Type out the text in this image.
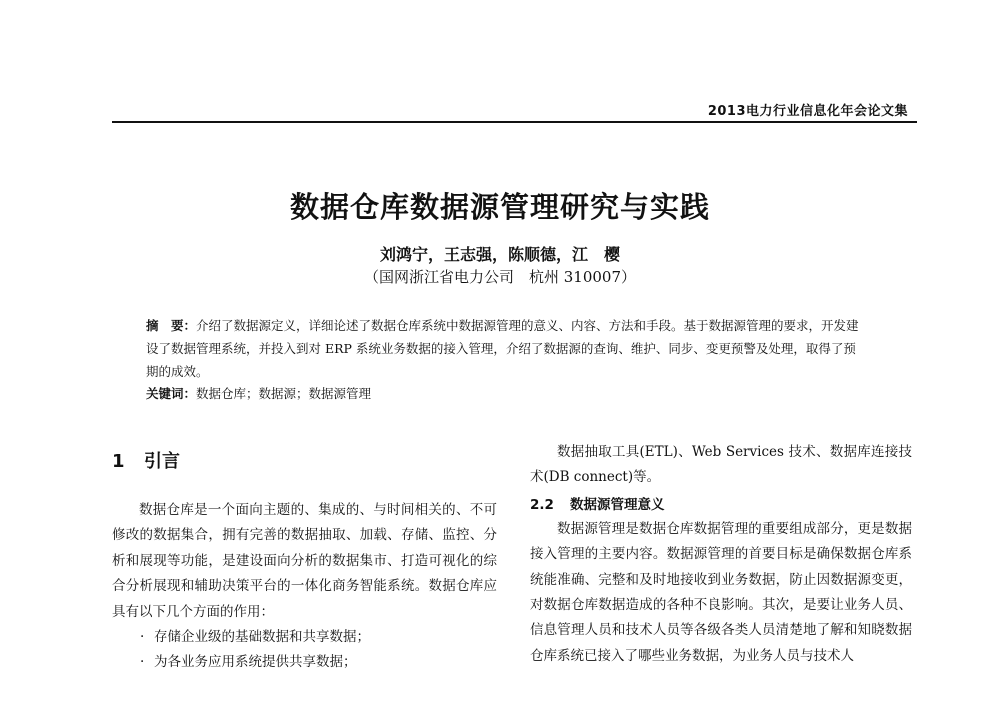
2013电力行业信息化年会论文集
数据仓库数据源管理研究与实践
刘鸿宁，王志强，陈顺德，江　樱
（国网浙江省电力公司　杭州 310007）
摘　要：介绍了数据源定义，详细论述了数据仓库系统中数据源管理的意义、内容、方法和手段。基于数据源管理的要求，开发建设了数据管理系统，并投入到对 ERP 系统业务数据的接入管理，介绍了数据源的查询、维护、同步、变更预警及处理，取得了预期的成效。
关键词：数据仓库；数据源；数据源管理
1 引言

数据仓库是一个面向主题的、集成的、与时间相关的、不可修改的数据集合，拥有完善的数据抽取、加载、存储、监控、分析和展现等功能，是建设面向分析的数据集市、打造可视化的综合分析展现和辅助决策平台的一体化商务智能系统。数据仓库应具有以下几个方面的作用：

· 存储企业级的基础数据和共享数据；
· 为各业务应用系统提供共享数据；

数据抽取工具(ETL)、Web Services 技术、数据库连接技术(DB connect)等。

2.2 数据源管理意义

数据源管理是数据仓库数据管理的重要组成部分，更是数据接入管理的主要内容。数据源管理的首要目标是确保数据仓库系统能准确、完整和及时地接收到业务数据，防止因数据源变更，对数据仓库数据造成的各种不良影响。其次，是要让业务人员、信息管理人员和技术人员等各级各类人员清楚地了解和知晓数据仓库系统已接入了哪些业务数据，为业务人员与技术人
